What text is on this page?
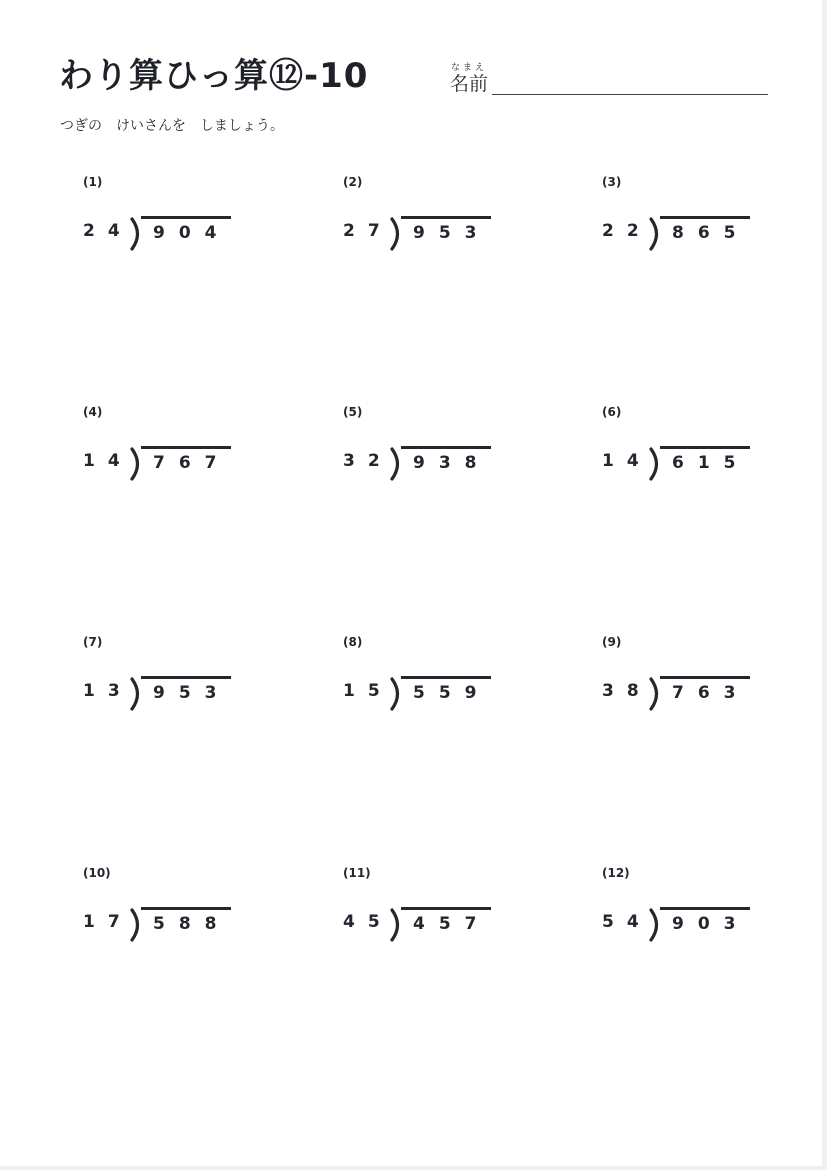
わり算ひっ算⑫-10	なまえ
名前
つぎの　けいさんを　しましょう。
(1)
24 904
(2)
27 953
(3)
22 865
(4)
14 767
(5)
32 938
(6)
14 615
(7)
13 953
(8)
15 559
(9)
38 763
(10)
17 588
(11)
45 457
(12)
54 903
